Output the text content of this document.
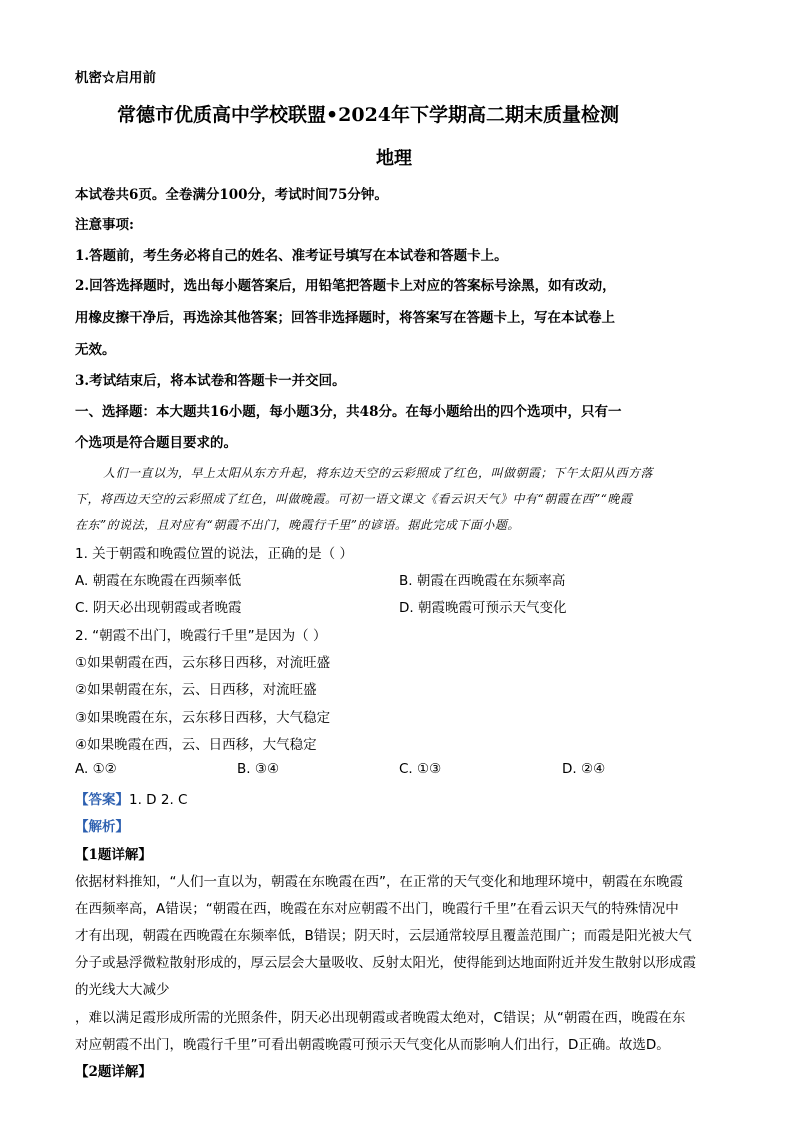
机密☆启用前
常德市优质高中学校联盟•2024年下学期高二期末质量检测
地理
本试卷共6页。全卷满分100分，考试时间75分钟。
注意事项:
1.答题前，考生务必将自己的姓名、准考证号填写在本试卷和答题卡上。
2.回答选择题时，选出每小题答案后，用铅笔把答题卡上对应的答案标号涂黑，如有改动，
用橡皮擦干净后，再选涂其他答案；回答非选择题时，将答案写在答题卡上，写在本试卷上
无效。
3.考试结束后，将本试卷和答题卡一并交回。
一、选择题：本大题共16小题，每小题3分，共48分。在每小题给出的四个选项中，只有一
个选项是符合题目要求的。
人们一直以为，早上太阳从东方升起，将东边天空的云彩照成了红色，叫做朝霞；下午太阳从西方落
下，将西边天空的云彩照成了红色，叫做晚霞。可初一语文课文《看云识天气》中有“朝霞在西”“晚霞
在东”的说法，且对应有“朝霞不出门，晚霞行千里”的谚语。据此完成下面小题。
1. 关于朝霞和晚霞位置的说法，正确的是（ ）
A. 朝霞在东晚霞在西频率低	B. 朝霞在西晚霞在东频率高
C. 阴天必出现朝霞或者晚霞	D. 朝霞晚霞可预示天气变化
2. “朝霞不出门，晚霞行千里”是因为（ ）
①如果朝霞在西，云东移日西移，对流旺盛
②如果朝霞在东，云、日西移，对流旺盛
③如果晚霞在东，云东移日西移，大气稳定
④如果晚霞在西，云、日西移，大气稳定
A. ①②	B. ③④	C. ①③	D. ②④
【答案】1. D 2. C
【解析】
【1题详解】
依据材料推知，“人们一直以为，朝霞在东晚霞在西”，在正常的天气变化和地理环境中，朝霞在东晚霞
在西频率高，A错误；“朝霞在西，晚霞在东对应朝霞不出门，晚霞行千里”在看云识天气的特殊情况中
才有出现，朝霞在西晚霞在东频率低，B错误；阴天时，云层通常较厚且覆盖范围广；而霞是阳光被大气
分子或悬浮微粒散射形成的，厚云层会大量吸收、反射太阳光，使得能到达地面附近并发生散射以形成霞
的光线大大减少
，难以满足霞形成所需的光照条件，阴天必出现朝霞或者晚霞太绝对，C错误；从“朝霞在西，晚霞在东
对应朝霞不出门，晚霞行千里”可看出朝霞晚霞可预示天气变化从而影响人们出行，D正确。故选D。
【2题详解】
